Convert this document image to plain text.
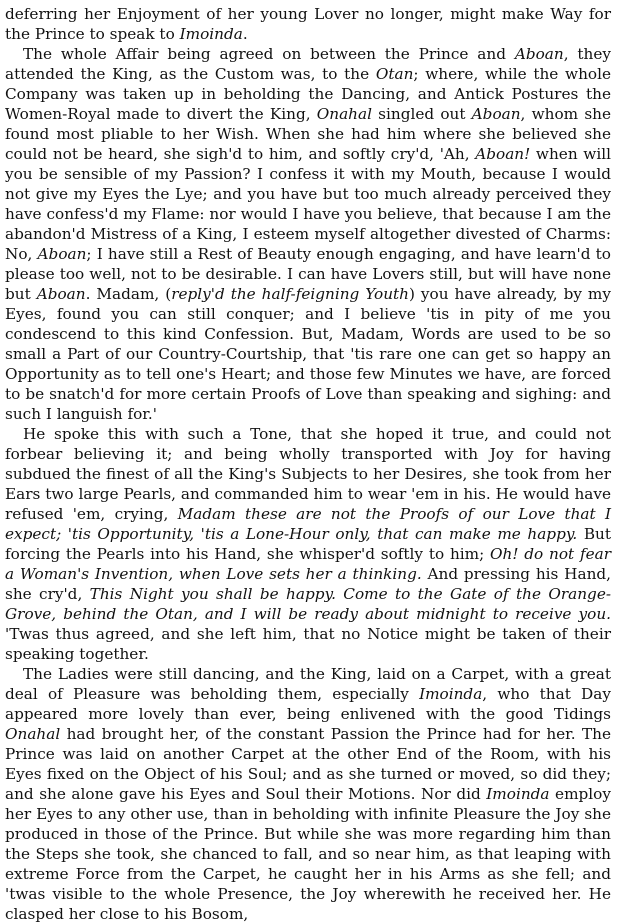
deferring her Enjoyment of her young Lover no longer, might make Way for the Prince to speak to Imoinda.

The whole Affair being agreed on between the Prince and Aboan, they attended the King, as the Custom was, to the Otan; where, while the whole Company was taken up in beholding the Dancing, and Antick Postures the Women-Royal made to divert the King, Onahal singled out Aboan, whom she found most pliable to her Wish. When she had him where she believed she could not be heard, she sigh'd to him, and softly cry'd, 'Ah, Aboan! when will you be sensible of my Passion? I confess it with my Mouth, because I would not give my Eyes the Lye; and you have but too much already perceived they have confess'd my Flame: nor would I have you believe, that because I am the abandon'd Mistress of a King, I esteem myself altogether divested of Charms: No, Aboan; I have still a Rest of Beauty enough engaging, and have learn'd to please too well, not to be desirable. I can have Lovers still, but will have none but Aboan. Madam, (reply'd the half-feigning Youth) you have already, by my Eyes, found you can still conquer; and I believe 'tis in pity of me you condescend to this kind Confession. But, Madam, Words are used to be so small a Part of our Country-Courtship, that 'tis rare one can get so happy an Opportunity as to tell one's Heart; and those few Minutes we have, are forced to be snatch'd for more certain Proofs of Love than speaking and sighing: and such I languish for.'

He spoke this with such a Tone, that she hoped it true, and could not forbear believing it; and being wholly transported with Joy for having subdued the finest of all the King's Subjects to her Desires, she took from her Ears two large Pearls, and commanded him to wear 'em in his. He would have refused 'em, crying, Madam these are not the Proofs of our Love that I expect; 'tis Opportunity, 'tis a Lone-Hour only, that can make me happy. But forcing the Pearls into his Hand, she whisper'd softly to him; Oh! do not fear a Woman's Invention, when Love sets her a thinking. And pressing his Hand, she cry'd, This Night you shall be happy. Come to the Gate of the Orange-Grove, behind the Otan, and I will be ready about midnight to receive you. 'Twas thus agreed, and she left him, that no Notice might be taken of their speaking together.

The Ladies were still dancing, and the King, laid on a Carpet, with a great deal of Pleasure was beholding them, especially Imoinda, who that Day appeared more lovely than ever, being enlivened with the good Tidings Onahal had brought her, of the constant Passion the Prince had for her. The Prince was laid on another Carpet at the other End of the Room, with his Eyes fixed on the Object of his Soul; and as she turned or moved, so did they; and she alone gave his Eyes and Soul their Motions. Nor did Imoinda employ her Eyes to any other use, than in beholding with infinite Pleasure the Joy she produced in those of the Prince. But while she was more regarding him than the Steps she took, she chanced to fall, and so near him, as that leaping with extreme Force from the Carpet, he caught her in his Arms as she fell; and 'twas visible to the whole Presence, the Joy wherewith he received her. He clasped her close to his Bosom,
